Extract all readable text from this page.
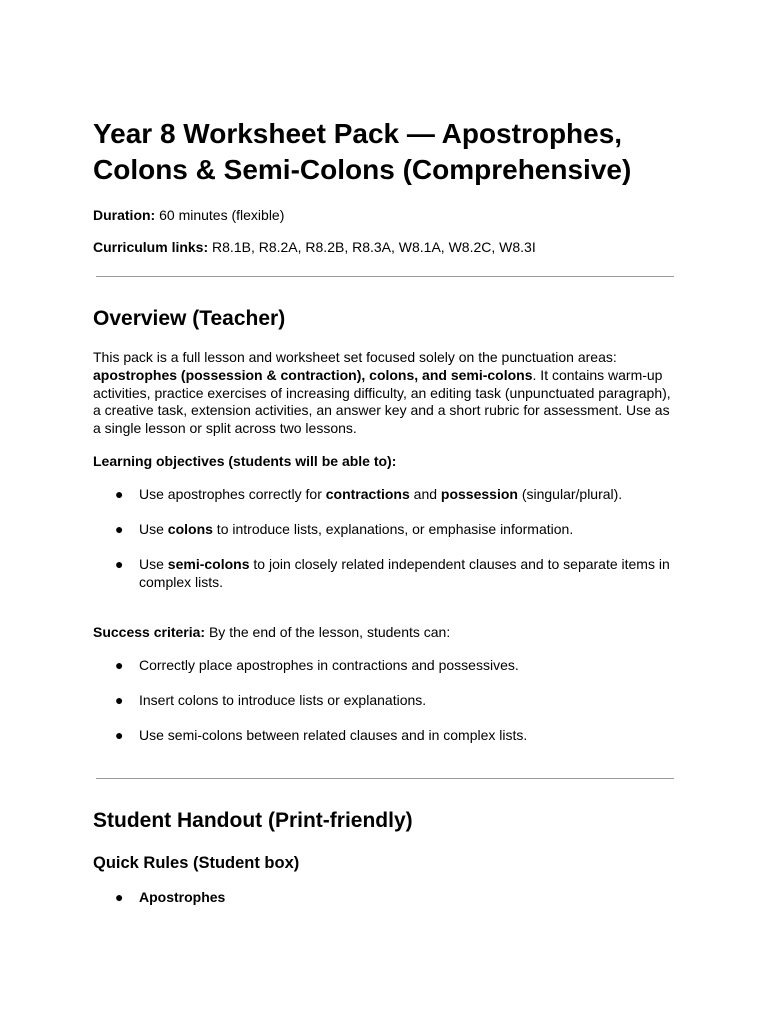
Year 8 Worksheet Pack — Apostrophes, Colons & Semi‐Colons (Comprehensive)

Duration: 60 minutes (flexible)

Curriculum links: R8.1B, R8.2A, R8.2B, R8.3A, W8.1A, W8.2C, W8.3I

Overview (Teacher)

This pack is a full lesson and worksheet set focused solely on the punctuation areas: apostrophes (possession & contraction), colons, and semi‐colons. It contains warm‐up activities, practice exercises of increasing difficulty, an editing task (unpunctuated paragraph), a creative task, extension activities, an answer key and a short rubric for assessment. Use as a single lesson or split across two lessons.

Learning objectives (students will be able to):

● Use apostrophes correctly for contractions and possession (singular/plural).
● Use colons to introduce lists, explanations, or emphasise information.
● Use semi‐colons to join closely related independent clauses and to separate items in complex lists.

Success criteria: By the end of the lesson, students can:

● Correctly place apostrophes in contractions and possessives.
● Insert colons to introduce lists or explanations.
● Use semi‐colons between related clauses and in complex lists.
Student Handout (Print‐friendly)
Quick Rules (Student box)
● Apostrophes
